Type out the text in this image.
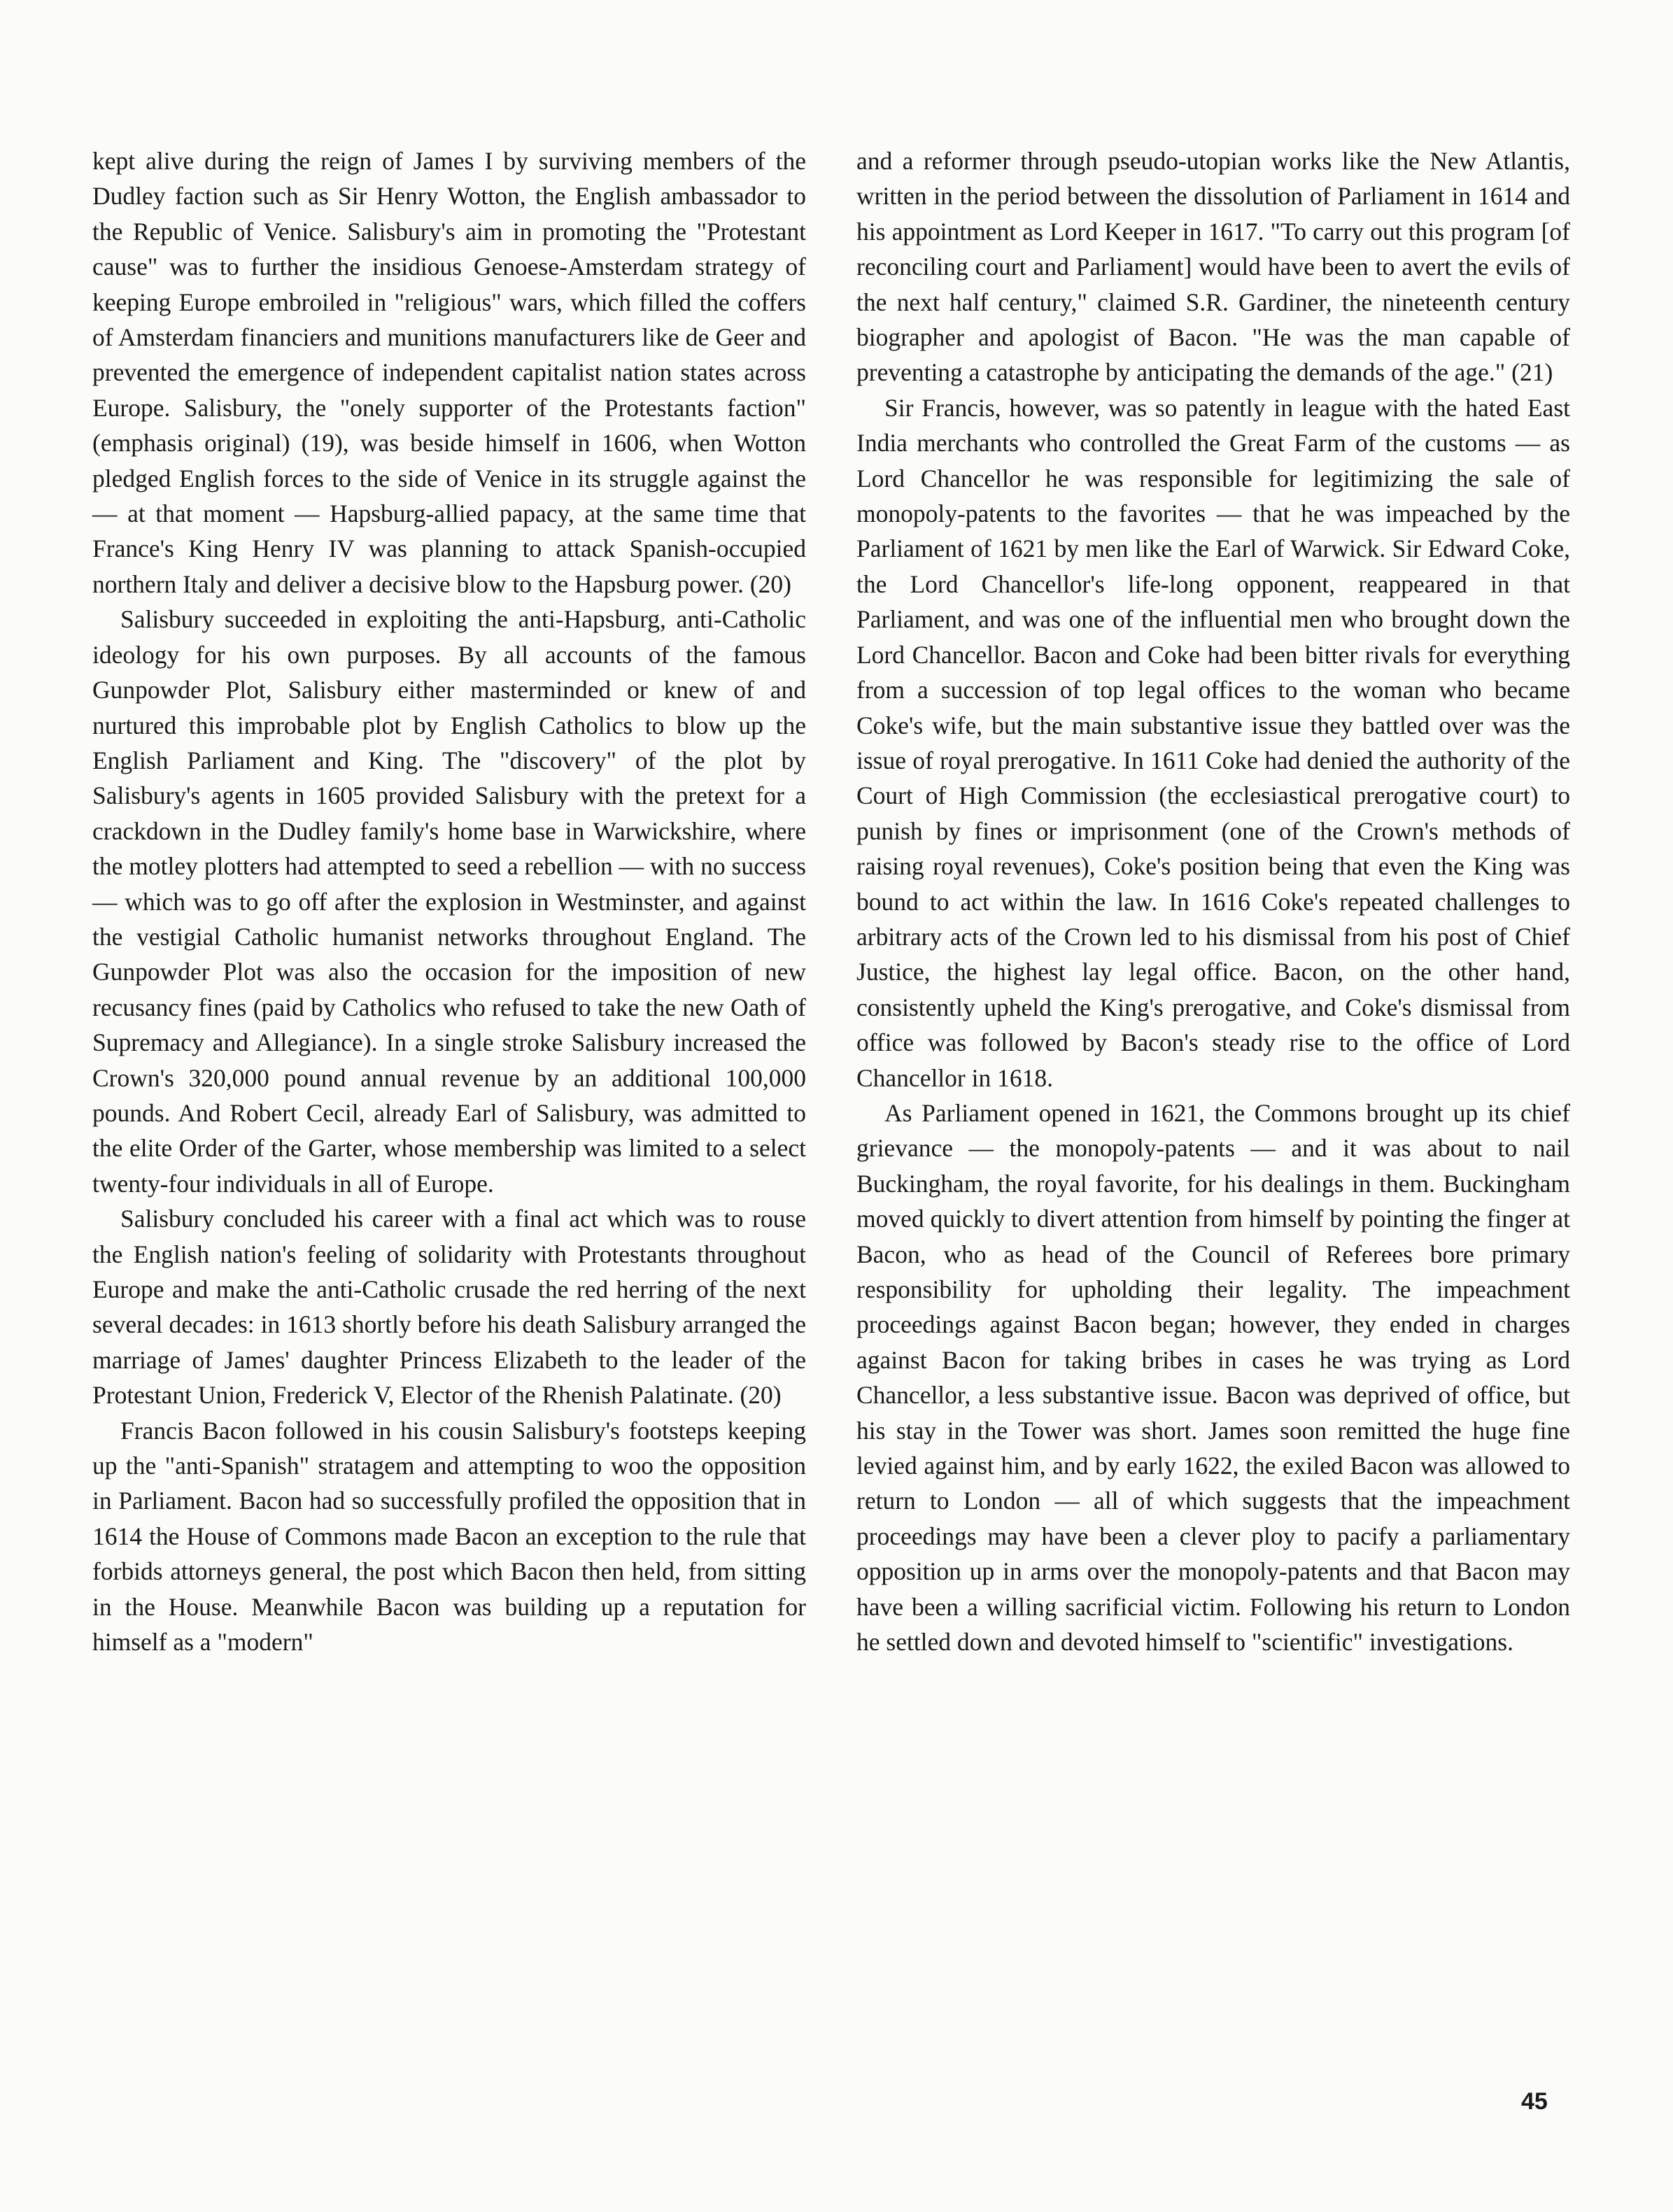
kept alive during the reign of James I by surviving members of the Dudley faction such as Sir Henry Wotton, the English ambassador to the Republic of Venice. Salisbury's aim in promoting the "Protestant cause" was to further the insidious Genoese-Amsterdam strategy of keeping Europe embroiled in "religious" wars, which filled the coffers of Amsterdam financiers and munitions manufacturers like de Geer and prevented the emergence of independent capitalist nation states across Europe. Salisbury, the "onely supporter of the Protestants faction" (emphasis original) (19), was beside himself in 1606, when Wotton pledged English forces to the side of Venice in its struggle against the — at that moment — Hapsburg-allied papacy, at the same time that France's King Henry IV was planning to attack Spanish-occupied northern Italy and deliver a decisive blow to the Hapsburg power. (20)

Salisbury succeeded in exploiting the anti-Hapsburg, anti-Catholic ideology for his own purposes. By all accounts of the famous Gunpowder Plot, Salisbury either masterminded or knew of and nurtured this improbable plot by English Catholics to blow up the English Parliament and King. The "discovery" of the plot by Salisbury's agents in 1605 provided Salisbury with the pretext for a crackdown in the Dudley family's home base in Warwickshire, where the motley plotters had attempted to seed a rebellion — with no success — which was to go off after the explosion in Westminster, and against the vestigial Catholic humanist networks throughout England. The Gunpowder Plot was also the occasion for the imposition of new recusancy fines (paid by Catholics who refused to take the new Oath of Supremacy and Allegiance). In a single stroke Salisbury increased the Crown's 320,000 pound annual revenue by an additional 100,000 pounds. And Robert Cecil, already Earl of Salisbury, was admitted to the elite Order of the Garter, whose membership was limited to a select twenty-four individuals in all of Europe.

Salisbury concluded his career with a final act which was to rouse the English nation's feeling of solidarity with Protestants throughout Europe and make the anti-Catholic crusade the red herring of the next several decades: in 1613 shortly before his death Salisbury arranged the marriage of James' daughter Princess Elizabeth to the leader of the Protestant Union, Frederick V, Elector of the Rhenish Palatinate. (20)

Francis Bacon followed in his cousin Salisbury's footsteps keeping up the "anti-Spanish" stratagem and attempting to woo the opposition in Parliament. Bacon had so successfully profiled the opposition that in 1614 the House of Commons made Bacon an exception to the rule that forbids attorneys general, the post which Bacon then held, from sitting in the House. Meanwhile Bacon was building up a reputation for himself as a "modern"

and a reformer through pseudo-utopian works like the New Atlantis, written in the period between the dissolution of Parliament in 1614 and his appointment as Lord Keeper in 1617. "To carry out this program [of reconciling court and Parliament] would have been to avert the evils of the next half century," claimed S.R. Gardiner, the nineteenth century biographer and apologist of Bacon. "He was the man capable of preventing a catastrophe by anticipating the demands of the age." (21)

Sir Francis, however, was so patently in league with the hated East India merchants who controlled the Great Farm of the customs — as Lord Chancellor he was responsible for legitimizing the sale of monopoly-patents to the favorites — that he was impeached by the Parliament of 1621 by men like the Earl of Warwick. Sir Edward Coke, the Lord Chancellor's life-long opponent, reappeared in that Parliament, and was one of the influential men who brought down the Lord Chancellor. Bacon and Coke had been bitter rivals for everything from a succession of top legal offices to the woman who became Coke's wife, but the main substantive issue they battled over was the issue of royal prerogative. In 1611 Coke had denied the authority of the Court of High Commission (the ecclesiastical prerogative court) to punish by fines or imprisonment (one of the Crown's methods of raising royal revenues), Coke's position being that even the King was bound to act within the law. In 1616 Coke's repeated challenges to arbitrary acts of the Crown led to his dismissal from his post of Chief Justice, the highest lay legal office. Bacon, on the other hand, consistently upheld the King's prerogative, and Coke's dismissal from office was followed by Bacon's steady rise to the office of Lord Chancellor in 1618.

As Parliament opened in 1621, the Commons brought up its chief grievance — the monopoly-patents — and it was about to nail Buckingham, the royal favorite, for his dealings in them. Buckingham moved quickly to divert attention from himself by pointing the finger at Bacon, who as head of the Council of Referees bore primary responsibility for upholding their legality. The impeachment proceedings against Bacon began; however, they ended in charges against Bacon for taking bribes in cases he was trying as Lord Chancellor, a less substantive issue. Bacon was deprived of office, but his stay in the Tower was short. James soon remitted the huge fine levied against him, and by early 1622, the exiled Bacon was allowed to return to London — all of which suggests that the impeachment proceedings may have been a clever ploy to pacify a parliamentary opposition up in arms over the monopoly-patents and that Bacon may have been a willing sacrificial victim. Following his return to London he settled down and devoted himself to "scientific" investigations.

45
